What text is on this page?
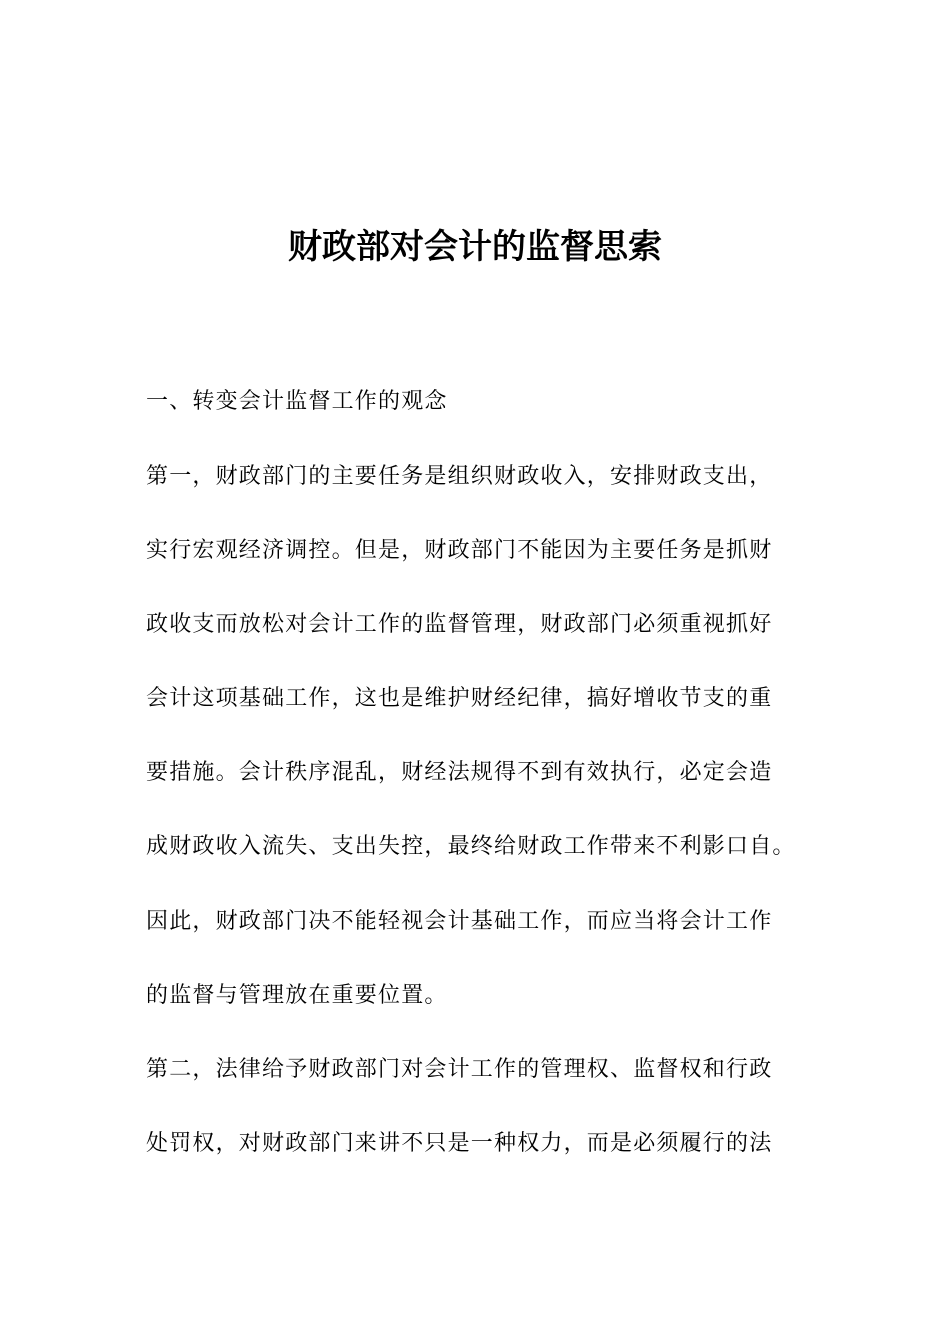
财政部对会计的监督思索
一、转变会计监督工作的观念
第一，财政部门的主要任务是组织财政收入，安排财政支出，
实行宏观经济调控。但是，财政部门不能因为主要任务是抓财
政收支而放松对会计工作的监督管理，财政部门必须重视抓好
会计这项基础工作，这也是维护财经纪律，搞好增收节支的重
要措施。会计秩序混乱，财经法规得不到有效执行，必定会造
成财政收入流失、支出失控，最终给财政工作带来不利影口自。
因此，财政部门决不能轻视会计基础工作，而应当将会计工作
的监督与管理放在重要位置。
第二，法律给予财政部门对会计工作的管理权、监督权和行政
处罚权，对财政部门来讲不只是一种权力，而是必须履行的法
